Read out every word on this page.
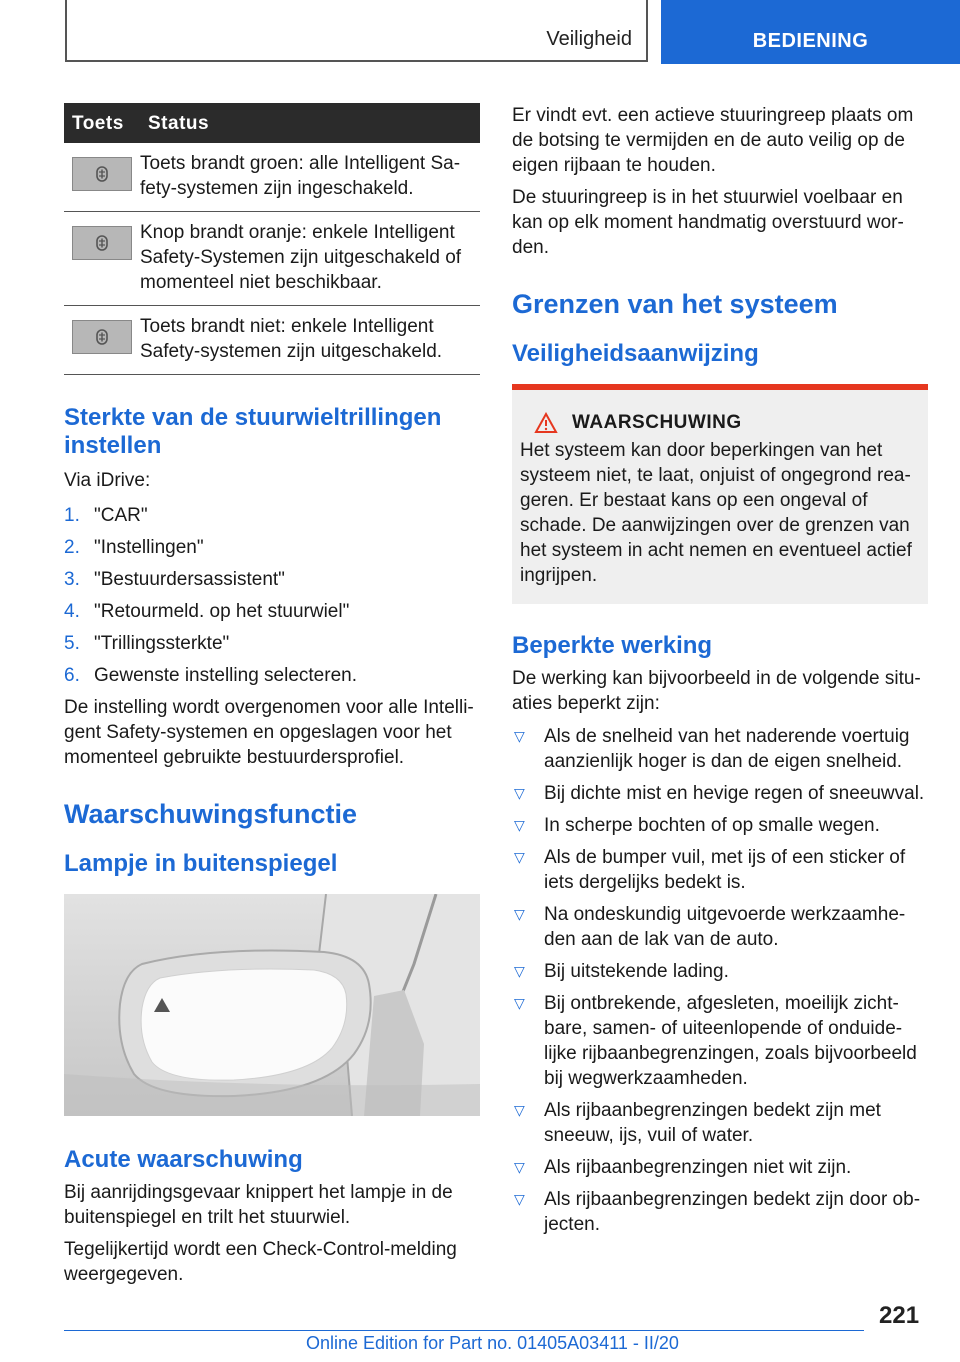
Veiligheid	BEDIENING
Toets	Status

	Toets brandt groen: alle Intelligent Sa-fety-systemen zijn ingeschakeld.

	Knop brandt oranje: enkele Intelligent Safety-Systemen zijn uitgeschakeld of momenteel niet beschikbaar.

	Toets brandt niet: enkele Intelligent Safety-systemen zijn uitgeschakeld.
Sterkte van de stuurwieltrillingen instellen

Via iDrive:

1. "CAR"
2. "Instellingen"
3. "Bestuurdersassistent"
4. "Retourmeld. op het stuurwiel"
5. "Trillingssterkte"
6. Gewenste instelling selecteren.

De instelling wordt overgenomen voor alle Intelli-gent Safety-systemen en opgeslagen voor het momenteel gebruikte bestuurdersprofiel.

Waarschuwingsfunctie
Lampje in buitenspiegel
Acute waarschuwing

Bij aanrijdingsgevaar knippert het lampje in de buitenspiegel en trilt het stuurwiel.

Tegelijkertijd wordt een Check-Control-melding weergegeven.

Er vindt evt. een actieve stuuringreep plaats om de botsing te vermijden en de auto veilig op de eigen rijbaan te houden.

De stuuringreep is in het stuurwiel voelbaar en kan op elk moment handmatig overstuurd wor-den.

Grenzen van het systeem
Veiligheidsaanwijzing
WAARSCHUWING

Het systeem kan door beperkingen van het systeem niet, te laat, onjuist of ongegrond rea-geren. Er bestaat kans op een ongeval of schade. De aanwijzingen over de grenzen van het systeem in acht nemen en eventueel actief ingrijpen.

Beperkte werking

De werking kan bijvoorbeeld in de volgende situ-aties beperkt zijn:

▽	Als de snelheid van het naderende voertuig aanzienlijk hoger is dan de eigen snelheid.
▽	Bij dichte mist en hevige regen of sneeuwval.
▽	In scherpe bochten of op smalle wegen.
▽	Als de bumper vuil, met ijs of een sticker of iets dergelijks bedekt is.
▽	Na ondeskundig uitgevoerde werkzaamhe-den aan de lak van de auto.
▽	Bij uitstekende lading.
▽	Bij ontbrekende, afgesleten, moeilijk zicht-bare, samen- of uiteenlopende of onduide-lijke rijbaanbegrenzingen, zoals bijvoorbeeld bij wegwerkzaamheden.
▽	Als rijbaanbegrenzingen bedekt zijn met sneeuw, ijs, vuil of water.
▽	Als rijbaanbegrenzingen niet wit zijn.
▽	Als rijbaanbegrenzingen bedekt zijn door ob-jecten.
221
Online Edition for Part no. 01405A03411 - II/20
